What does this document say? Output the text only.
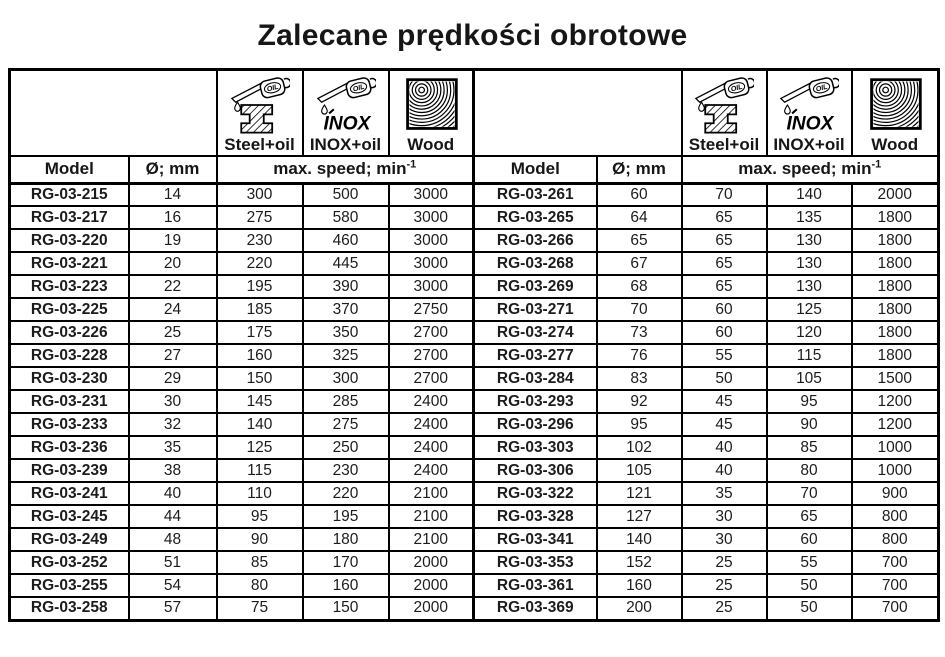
Zalecane prędkości obrotowe

		Steel+oil	INOX+oil	Wood			Steel+oil	INOX+oil	Wood

Model	Ø; mm	max. speed; $\min^{-1}$			Model	Ø; mm	max. speed; $\min^{-1}$
RG-03-215	14	300	500	3000	RG-03-261	60	70	140	2000
RG-03-217	16	275	580	3000	RG-03-265	64	65	135	1800
RG-03-220	19	230	460	3000	RG-03-266	65	65	130	1800
RG-03-221	20	220	445	3000	RG-03-268	67	65	130	1800
RG-03-223	22	195	390	3000	RG-03-269	68	65	130	1800
RG-03-225	24	185	370	2750	RG-03-271	70	60	125	1800
RG-03-226	25	175	350	2700	RG-03-274	73	60	120	1800
RG-03-228	27	160	325	2700	RG-03-277	76	55	115	1800
RG-03-230	29	150	300	2700	RG-03-284	83	50	105	1500
RG-03-231	30	145	285	2400	RG-03-293	92	45	95	1200
RG-03-233	32	140	275	2400	RG-03-296	95	45	90	1200
RG-03-236	35	125	250	2400	RG-03-303	102	40	85	1000
RG-03-239	38	115	230	2400	RG-03-306	105	40	80	1000
RG-03-241	40	110	220	2100	RG-03-322	121	35	70	900
RG-03-245	44	95	195	2100	RG-03-328	127	30	65	800
RG-03-249	48	90	180	2100	RG-03-341	140	30	60	800
RG-03-252	51	85	170	2000	RG-03-353	152	25	55	700
RG-03-255	54	80	160	2000	RG-03-361	160	25	50	700
RG-03-258	57	75	150	2000	RG-03-369	200	25	50	700
